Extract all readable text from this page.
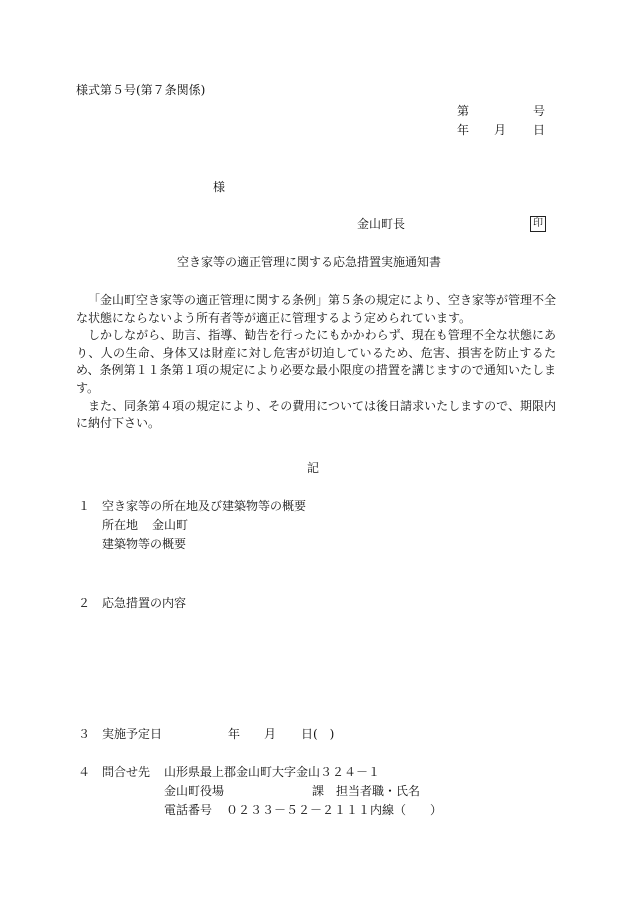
様式第５号(第７条関係)
第	号
年 月 日
様
金山町長	印
空き家等の適正管理に関する応急措置実施通知書

「金山町空き家等の適正管理に関する条例」第５条の規定により、空き家等が管理不全な状態にならないよう所有者等が適正に管理するよう定められています。

しかしながら、助言、指導、勧告を行ったにもかかわらず、現在も管理不全な状態にあり、人の生命、身体又は財産に対し危害が切迫しているため、危害、損害を防止するため、条例第１１条第１項の規定により必要な最小限度の措置を講じますので通知いたします。

また、同条第４項の規定により、その費用については後日請求いたしますので、期限内に納付下さい。

記
１ 空き家等の所在地及び建築物等の概要
所在地 金山町
建築物等の概要
２ 応急措置の内容
３ 実施予定日	年 月 日(　)
４ 問合せ先 山形県最上郡金山町大字金山３２４－１
金山町役場	課　担当者職・氏名
電話番号 ０２３３－５２－２１１１内線（　　）
